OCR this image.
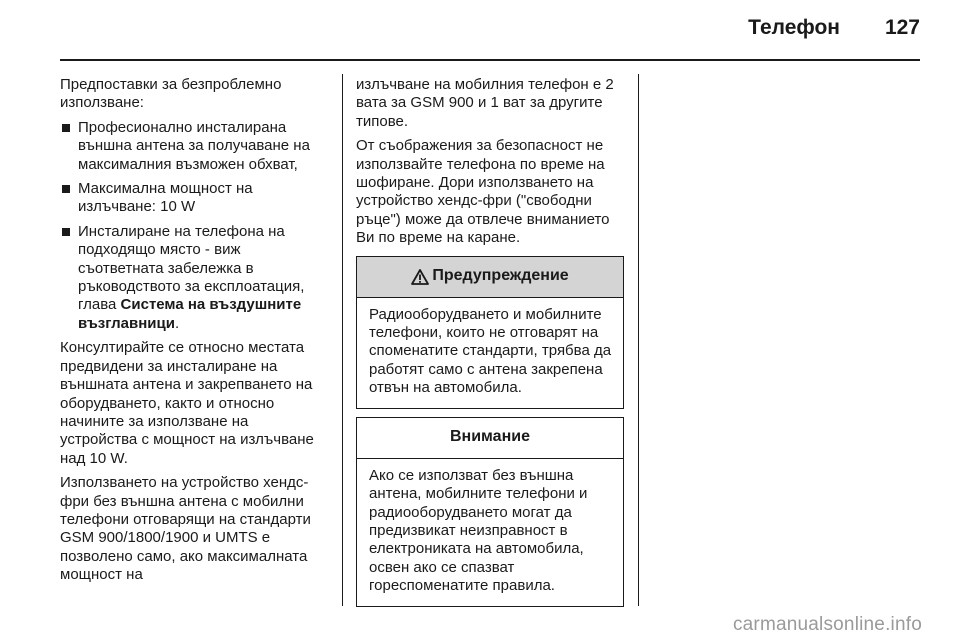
Телефон 127

Предпоставки за безпроблемно използване:

Професионално инсталирана външна антена за получаване на максималния възможен обхват,
Максимална мощност на излъчване: 10 W
Инсталиране на телефона на подходящо място - виж съответната забележка в ръководството за експлоатация, глава Система на въздушните възглавници.

Консултирайте се относно местата предвидени за инсталиране на външната антена и закрепването на оборудването, както и относно начините за използване на устройства с мощност на излъчване над 10 W.

Използването на устройство хендс-фри без външна антена с мобилни телефони отговарящи на стандарти GSM 900/1800/1900 и UMTS е позволено само, ако максималната мощност на

излъчване на мобилния телефон е 2 вата за GSM 900 и 1 ват за другите типове.

От съображения за безопасност не използвайте телефона по време на шофиране. Дори използването на устройство хендс-фри ("свободни ръце") може да отвлече вниманието Ви по време на каране.

Предупреждение
Радиооборудването и мобилните телефони, които не отговарят на споменатите стандарти, трябва да работят само с антена закрепена отвън на автомобила.
Внимание
Ако се използват без външна антена, мобилните телефони и радиооборудването могат да предизвикат неизправност в електрониката на автомобила, освен ако се спазват гореспоменатите правила.
carmanualsonline.info
